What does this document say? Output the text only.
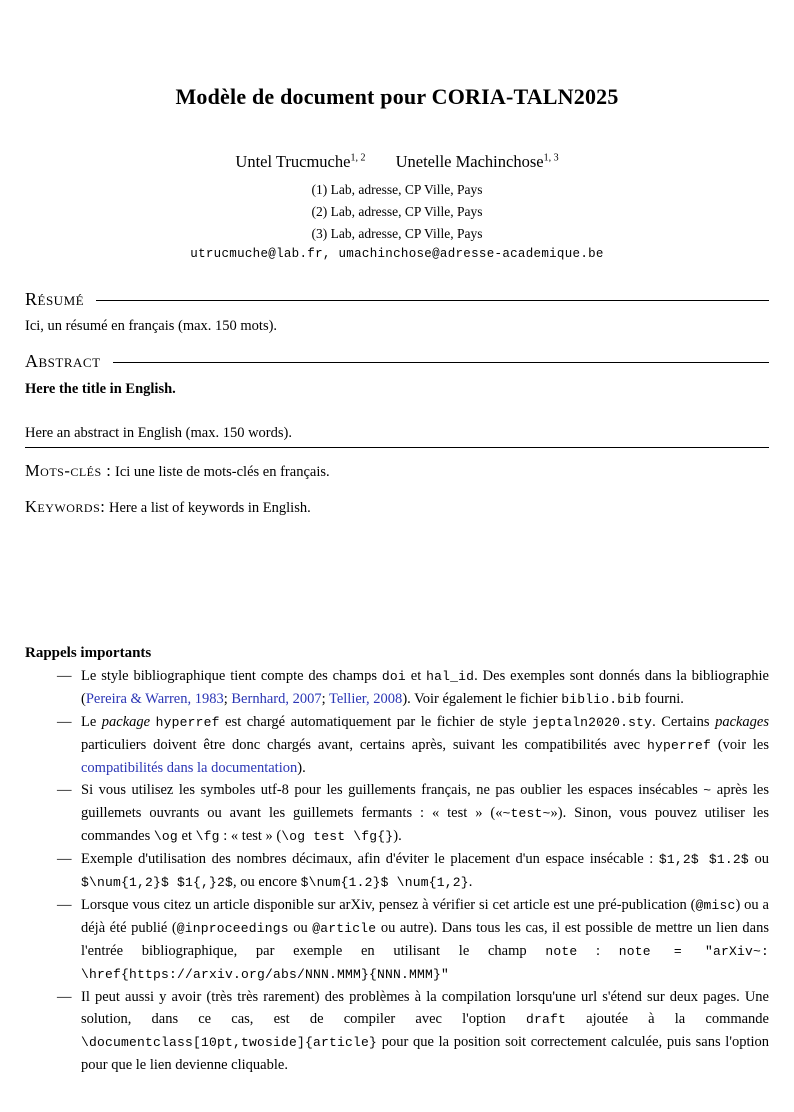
Modèle de document pour CORIA-TALN2025
Untel Trucmuche$^{1, 2}$ Unetelle Machinchose$^{1, 3}$
(1) Lab, adresse, CP Ville, Pays
(2) Lab, adresse, CP Ville, Pays
(3) Lab, adresse, CP Ville, Pays
utrucmuche@lab.fr, umachinchose@adresse-academique.be
Résumé

Ici, un résumé en français (max. 150 mots).

Abstract

Here the title in English.

Here an abstract in English (max. 150 words).

Mots-clés : Ici une liste de mots-clés en français.

Keywords: Here a list of keywords in English.

Rappels importants
— Le style bibliographique tient compte des champs doi et hal_id. Des exemples sont donnés dans la bibliographie (Pereira & Warren, 1983; Bernhard, 2007; Tellier, 2008). Voir également le fichier biblio.bib fourni.
— Le package hyperref est chargé automatiquement par le fichier de style jeptaln2020.sty. Certains packages particuliers doivent être donc chargés avant, certains après, suivant les compatibilités avec hyperref (voir les compatibilités dans la documentation).
— Si vous utilisez les symboles utf-8 pour les guillements français, ne pas oublier les espaces insécables ~ après les guillemets ouvrants ou avant les guillemets fermants : « test » («~test~»). Sinon, vous pouvez utiliser les commandes \og et \fg : « test » (\og test \fg{}).
— Exemple d'utilisation des nombres décimaux, afin d'éviter le placement d'un espace insécable : $1,2$ $1.2$ ou $\num{1,2}$ $1{,}2$, ou encore $\num{1.2}$ \num{1,2}.
— Lorsque vous citez un article disponible sur arXiv, pensez à vérifier si cet article est une pré-publication (@misc) ou a déjà été publié (@inproceedings ou @article ou autre). Dans tous les cas, il est possible de mettre un lien dans l'entrée bibliographique, par exemple en utilisant le champ note : note = "arXiv~: \href{https://arxiv.org/abs/NNN.MMM}{NNN.MMM}"
— Il peut aussi y avoir (très très rarement) des problèmes à la compilation lorsqu'une url s'étend sur deux pages. Une solution, dans ce cas, est de compiler avec l'option draft ajoutée à la commande \documentclass[10pt,twoside]{article} pour que la position soit correctement calculée, puis sans l'option pour que le lien devienne cliquable.
